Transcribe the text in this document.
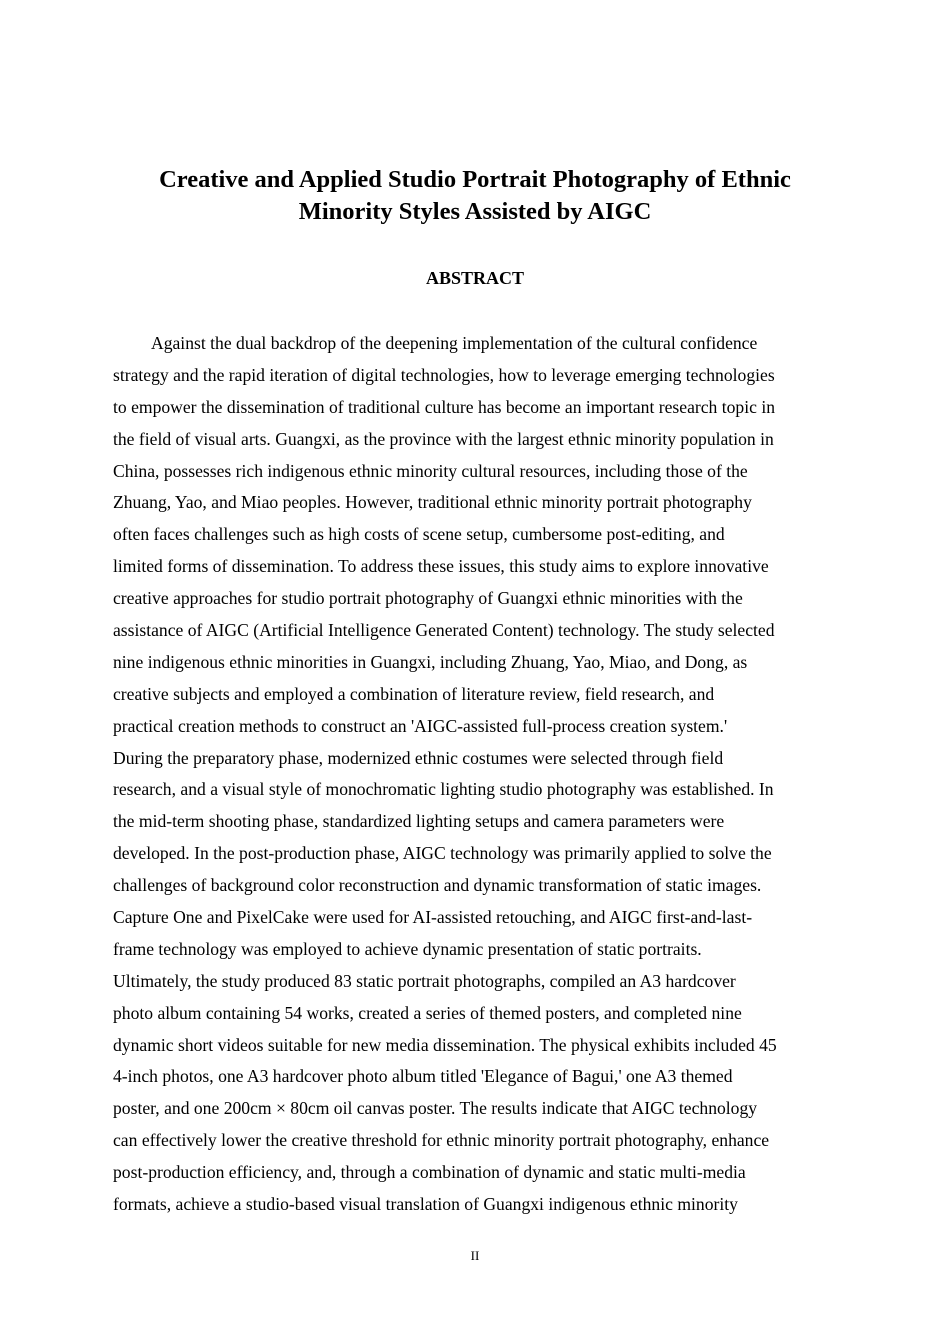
Creative and Applied Studio Portrait Photography of Ethnic
Minority Styles Assisted by AIGC
ABSTRACT
Against the dual backdrop of the deepening implementation of the cultural confidence
strategy and the rapid iteration of digital technologies, how to leverage emerging technologies
to empower the dissemination of traditional culture has become an important research topic in
the field of visual arts. Guangxi, as the province with the largest ethnic minority population in
China, possesses rich indigenous ethnic minority cultural resources, including those of the
Zhuang, Yao, and Miao peoples. However, traditional ethnic minority portrait photography
often faces challenges such as high costs of scene setup, cumbersome post-editing, and
limited forms of dissemination. To address these issues, this study aims to explore innovative
creative approaches for studio portrait photography of Guangxi ethnic minorities with the
assistance of AIGC (Artificial Intelligence Generated Content) technology. The study selected
nine indigenous ethnic minorities in Guangxi, including Zhuang, Yao, Miao, and Dong, as
creative subjects and employed a combination of literature review, field research, and
practical creation methods to construct an 'AIGC-assisted full-process creation system.'
During the preparatory phase, modernized ethnic costumes were selected through field
research, and a visual style of monochromatic lighting studio photography was established. In
the mid-term shooting phase, standardized lighting setups and camera parameters were
developed. In the post-production phase, AIGC technology was primarily applied to solve the
challenges of background color reconstruction and dynamic transformation of static images.
Capture One and PixelCake were used for AI-assisted retouching, and AIGC first-and-last-
frame technology was employed to achieve dynamic presentation of static portraits.
Ultimately, the study produced 83 static portrait photographs, compiled an A3 hardcover
photo album containing 54 works, created a series of themed posters, and completed nine
dynamic short videos suitable for new media dissemination. The physical exhibits included 45
4-inch photos, one A3 hardcover photo album titled 'Elegance of Bagui,' one A3 themed
poster, and one 200cm × 80cm oil canvas poster. The results indicate that AIGC technology
can effectively lower the creative threshold for ethnic minority portrait photography, enhance
post-production efficiency, and, through a combination of dynamic and static multi-media
formats, achieve a studio-based visual translation of Guangxi indigenous ethnic minority
II
